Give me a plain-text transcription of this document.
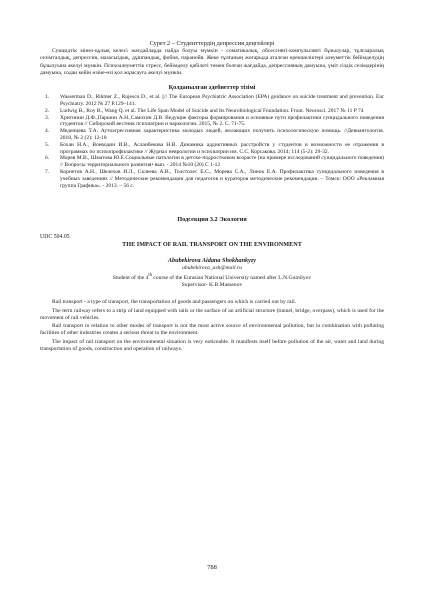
Сурет 2 – Студенттердің депрессия деңгейлері

Суицидтік мінез-құлық келесі жағдайларда пайда болуы мүмкін - соматикалық, обсессивті-компульсивті бұзылулар, тұлғааралық сезімталдық, депрессия, мазасыздық, дұшпандық, фобия, паранойя. Жеке тұлғаның жоғарыда аталған ерекшеліктері алеуметтік бейімделудің бұзылуына әкелуі мүмкін. Психоәлеуметтік стресс, бейімделу қабілеті төмен болған жағдайда, депрессияның дамуына, үміт сіздік сезімдерінің дамуына, содан кейін өзіне-өзі қол жұмсауға әкелуі мүмкін.

Қолданылған әдебиеттер тізімі
1. Wasserman D., Rihmer Z., Rujescu D., et al. [// The European Psychiatric Association (EPA) guidance on suicide treatment and prevention. Eur Psychiatry. 2012 № 27 P.129–141.
2. Ludwig B., Roy B., Wang Q. et al. The Life Span Model of Suicide and Its Neurobiological Foundation. Front. Neurosci. 2017 № 11 P 74
3. Хритинин Д.Ф.,Паршин А.Н.,Самохин Д.В. Ведущие факторы формирования и основные пути профилактики суицидального поведения студентов // Сибирский вестник психиатрии и наркологии. 2015, № 2. С. 71-75.
4. Меденцева Т.А. Аутоагрессивная характеристика молодых людей, желающих получить психологическую помощь. //Девиантология. 2018, № 2 (2): 12-18
5. Бохан Н.А., Воеводин И.В., Асланбекова Н.В. Динамика аддиктивных расстройств у студентов и возможности ее отражения в программах по психопрофилактике // Журнал неврологии и психиатрии им. С.С. Корсакова. 2014; 114 (5-2): 29-32.
6. Морев М.В., Шматова Ю.Е.Социальные патологии в детско-подростковом возрасте (на примере исследований суицидального поведения) // Вопросы территориального развития• вып. - 2014 №10 (20) С 1-12
7. Корнетов А.Н., Шелехов И.Л., Склеева А.В., Толстолес Е.С., Морева С.А., Линок Е.А. Профилактика суицидального поведения в учебных заведениях // Методические рекомендации для педагогов и кураторов методические рекомендации. – Томск: ООО «Рекламная группа Графика». - 2013. – 56 с.
Подсекция 3.2 Экология
UDC 504.05
THE IMPACT OF RAIL TRANSPORT ON THE ENVIRONMENT
Abubekirova Aidana Shokhankyzy
abubekirova_ash@mail.ru
Student of the 4th course of the Eurasian National University named after L.N.Gumilyov
Supervisor- K.B.Massenov

Rail transport - a type of transport, the transportation of goods and passengers on which is carried out by rail.

The term railway refers to a strip of land equipped with rails or the surface of an artificial structure (tunnel, bridge, overpass), which is used for the movement of rail vehicles.

Rail transport in relation to other modes of transport is not the most active source of environmental pollution, but in combination with polluting facilities of other industries creates a serious threat to the environment.

The impact of rail transport on the environmental situation is very noticeable. It manifests itself before pollution of the air, water and land during transportation of goods, construction and operation of railways.

788
